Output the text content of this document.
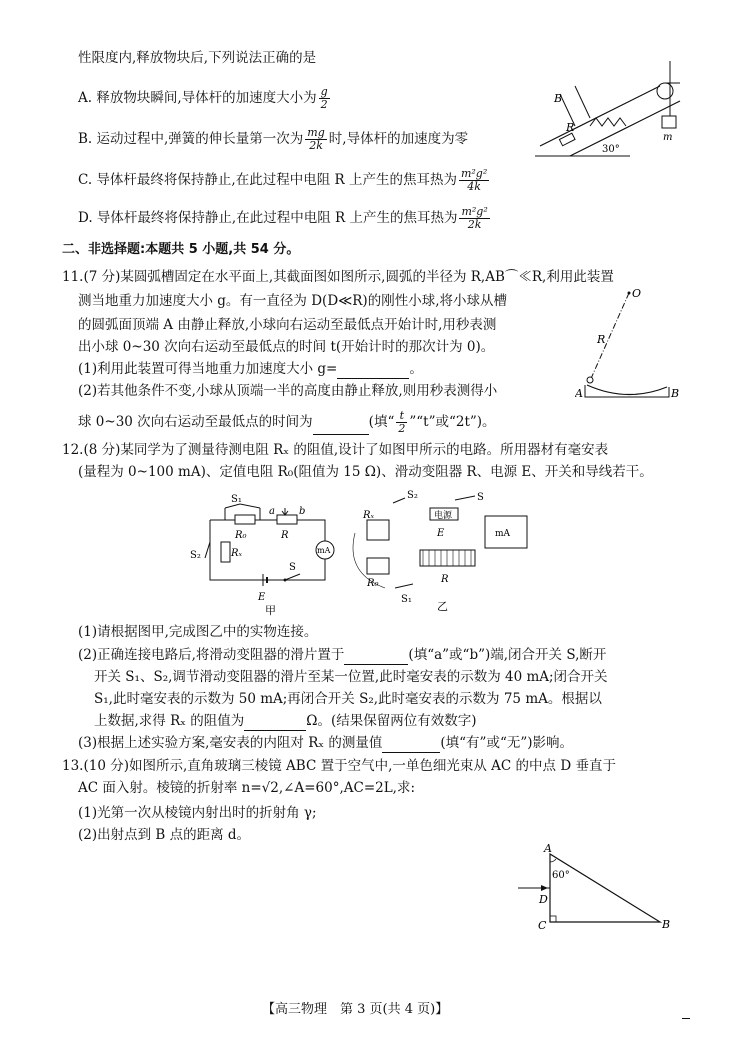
性限度内,释放物块后,下列说法正确的是
A. 释放物块瞬间,导体杆的加速度大小为 $\frac{g}{2}$
B. 运动过程中,弹簧的伸长量第一次为 $\frac{mg}{2k}$ 时,导体杆的加速度为零
C. 导体杆最终将保持静止,在此过程中电阻 R 上产生的焦耳热为 $\frac{\text{m²g²}}{4k}$
D. 导体杆最终将保持静止,在此过程中电阻 R 上产生的焦耳热为 $\frac{\text{m²g²}}{2k}$
B
R
m
30°
二、非选择题:本题共 5 小题,共 54 分。
11.(7 分)某圆弧槽固定在水平面上,其截面图如图所示,圆弧的半径为 R,AB⌒≪R,利用此装置
测当地重力加速度大小 g。有一直径为 D(D≪R)的刚性小球,将小球从槽
的圆弧面顶端 A 由静止释放,小球向右运动至最低点开始计时,用秒表测
出小球 0~30 次向右运动至最低点的时间 t(开始计时的那次计为 0)。
(1)利用此装置可得当地重力加速度大小 g=	。
(2)若其他条件不变,小球从顶端一半的高度由静止释放,则用秒表测得小
球 0~30 次向右运动至最低点的时间为	(填“ $\frac{t}{2}$ ”“t”或“2t”)。
O
R
A	B
12.(8 分)某同学为了测量待测电阻 Rₓ 的阻值,设计了如图甲所示的电路。所用器材有毫安表
(量程为 0~100 mA)、定值电阻 R₀(阻值为 15 Ω)、滑动变阻器 R、电源 E、开关和导线若干。
S₁
S₂
R₀	R
a b
mA
Rₓ
E
S
甲
电源
mA
Rₓ
R₀	R
E
S₂	S
S₁
乙
(1)请根据图甲,完成图乙中的实物连接。
(2)正确连接电路后,将滑动变阻器的滑片置于	(填“a”或“b”)端,闭合开关 S,断开
开关 S₁、S₂,调节滑动变阻器的滑片至某一位置,此时毫安表的示数为 40 mA;闭合开关
S₁,此时毫安表的示数为 50 mA;再闭合开关 S₂,此时毫安表的示数为 75 mA。根据以
上数据,求得 Rₓ 的阻值为	Ω。(结果保留两位有效数字)
(3)根据上述实验方案,毫安表的内阻对 Rₓ 的测量值	(填“有”或“无”)影响。
13.(10 分)如图所示,直角玻璃三棱镜 ABC 置于空气中,一单色细光束从 AC 的中点 D 垂直于
AC 面入射。棱镜的折射率 n=√2,∠A=60°,AC=2L,求:
(1)光第一次从棱镜内射出时的折射角 γ;
(2)出射点到 B 点的距离 d。
A
B
C
D
60°
【高三物理　第 3 页(共 4 页)】
